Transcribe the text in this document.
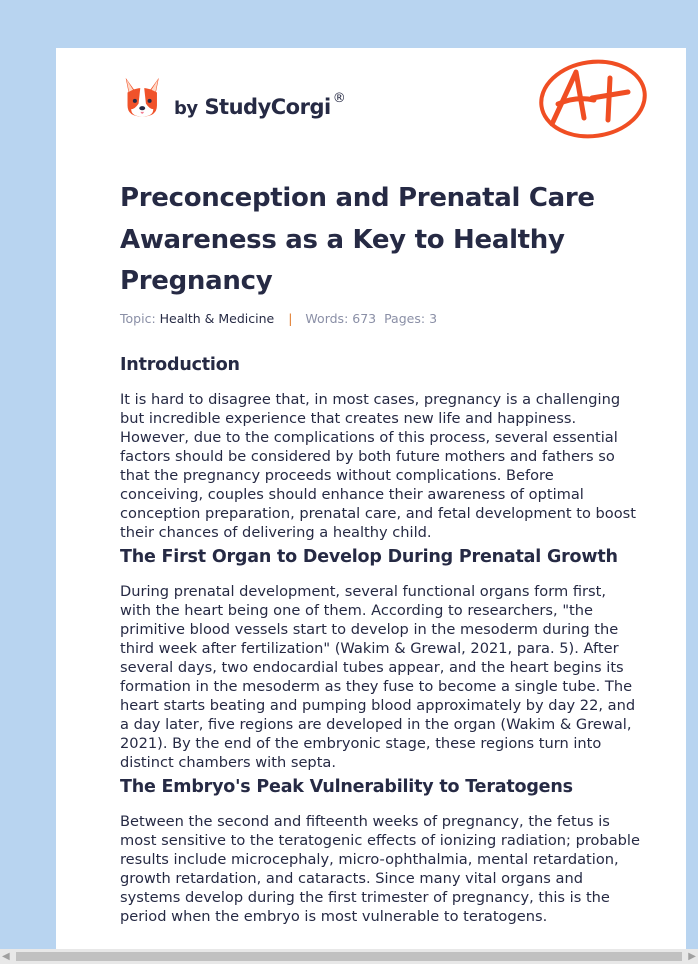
by StudyCorgi ®
Preconception and Prenatal Care Awareness as a Key to Healthy Pregnancy
Topic: Health & Medicine | Words: 673 Pages: 3
Introduction

It is hard to disagree that, in most cases, pregnancy is a challenging but incredible experience that creates new life and happiness. However, due to the complications of this process, several essential factors should be considered by both future mothers and fathers so that the pregnancy proceeds without complications. Before conceiving, couples should enhance their awareness of optimal conception preparation, prenatal care, and fetal development to boost their chances of delivering a healthy child.

The First Organ to Develop During Prenatal Growth

During prenatal development, several functional organs form first, with the heart being one of them. According to researchers, "the primitive blood vessels start to develop in the mesoderm during the third week after fertilization" (Wakim & Grewal, 2021, para. 5). After several days, two endocardial tubes appear, and the heart begins its formation in the mesoderm as they fuse to become a single tube. The heart starts beating and pumping blood approximately by day 22, and a day later, five regions are developed in the organ (Wakim & Grewal, 2021). By the end of the embryonic stage, these regions turn into distinct chambers with septa.

The Embryo's Peak Vulnerability to Teratogens

Between the second and fifteenth weeks of pregnancy, the fetus is most sensitive to the teratogenic effects of ionizing radiation; probable results include microcephaly, micro-ophthalmia, mental retardation, growth retardation, and cataracts. Since many vital organs and systems develop during the first trimester of pregnancy, this is the period when the embryo is most vulnerable to teratogens.

◀	▶
